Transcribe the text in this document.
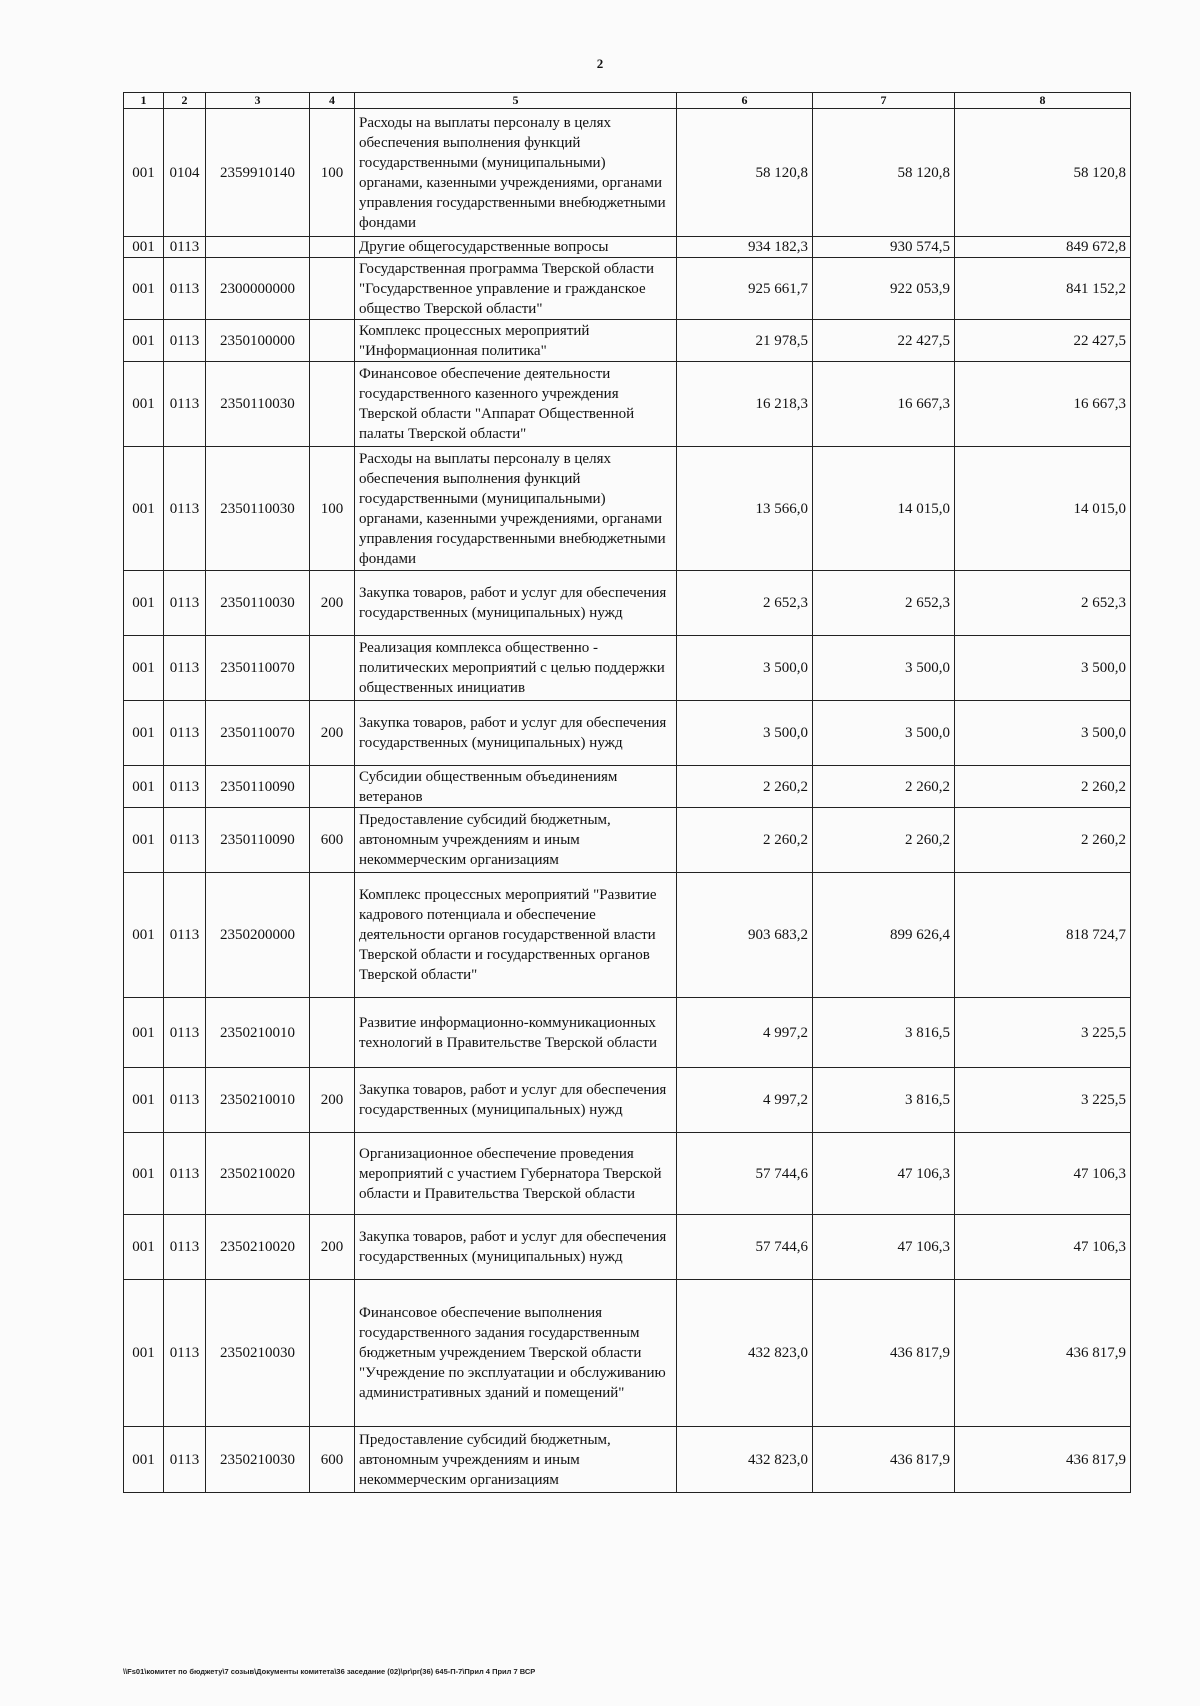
2
1	2	3	4	5	6	7	8
001	0104	2359910140	100	Расходы на выплаты персоналу в целях обеспечения выполнения функций государственными (муниципальными) органами, казенными учреждениями, органами управления государственными внебюджетными фондами	58 120,8	58 120,8	58 120,8
001	0113			Другие общегосударственные вопросы	934 182,3	930 574,5	849 672,8
001	0113	2300000000		Государственная программа Тверской области "Государственное управление и гражданское общество Тверской области"	925 661,7	922 053,9	841 152,2
001	0113	2350100000		Комплекс процессных мероприятий "Информационная политика"	21 978,5	22 427,5	22 427,5
001	0113	2350110030		Финансовое обеспечение деятельности государственного казенного учреждения Тверской области "Аппарат Общественной палаты Тверской области"	16 218,3	16 667,3	16 667,3
001	0113	2350110030	100	Расходы на выплаты персоналу в целях обеспечения выполнения функций государственными (муниципальными) органами, казенными учреждениями, органами управления государственными внебюджетными фондами	13 566,0	14 015,0	14 015,0
001	0113	2350110030	200	Закупка товаров, работ и услуг для обеспечения государственных (муниципальных) нужд	2 652,3	2 652,3	2 652,3
001	0113	2350110070		Реализация комплекса общественно - политических мероприятий с целью поддержки общественных инициатив	3 500,0	3 500,0	3 500,0
001	0113	2350110070	200	Закупка товаров, работ и услуг для обеспечения государственных (муниципальных) нужд	3 500,0	3 500,0	3 500,0
001	0113	2350110090		Субсидии общественным объединениям ветеранов	2 260,2	2 260,2	2 260,2
001	0113	2350110090	600	Предоставление субсидий бюджетным, автономным учреждениям и иным некоммерческим организациям	2 260,2	2 260,2	2 260,2
001	0113	2350200000		Комплекс процессных мероприятий "Развитие кадрового потенциала и обеспечение деятельности органов государственной власти Тверской области и государственных органов Тверской области"	903 683,2	899 626,4	818 724,7
001	0113	2350210010		Развитие информационно-коммуникационных технологий в Правительстве Тверской области	4 997,2	3 816,5	3 225,5
001	0113	2350210010	200	Закупка товаров, работ и услуг для обеспечения государственных (муниципальных) нужд	4 997,2	3 816,5	3 225,5
001	0113	2350210020		Организационное обеспечение проведения мероприятий с участием Губернатора Тверской области и Правительства Тверской области	57 744,6	47 106,3	47 106,3
001	0113	2350210020	200	Закупка товаров, работ и услуг для обеспечения государственных (муниципальных) нужд	57 744,6	47 106,3	47 106,3
001	0113	2350210030		Финансовое обеспечение выполнения государственного задания государственным бюджетным учреждением Тверской области "Учреждение по эксплуатации и обслуживанию административных зданий и помещений"	432 823,0	436 817,9	436 817,9
001	0113	2350210030	600	Предоставление субсидий бюджетным, автономным учреждениям и иным некоммерческим организациям	432 823,0	436 817,9	436 817,9
\\Fs01\комитет по бюджету\7 созыв\Документы комитета\36 заседание (02)\pr\pr(36) 645-П-7\Прил 4 Прил 7 ВСР
